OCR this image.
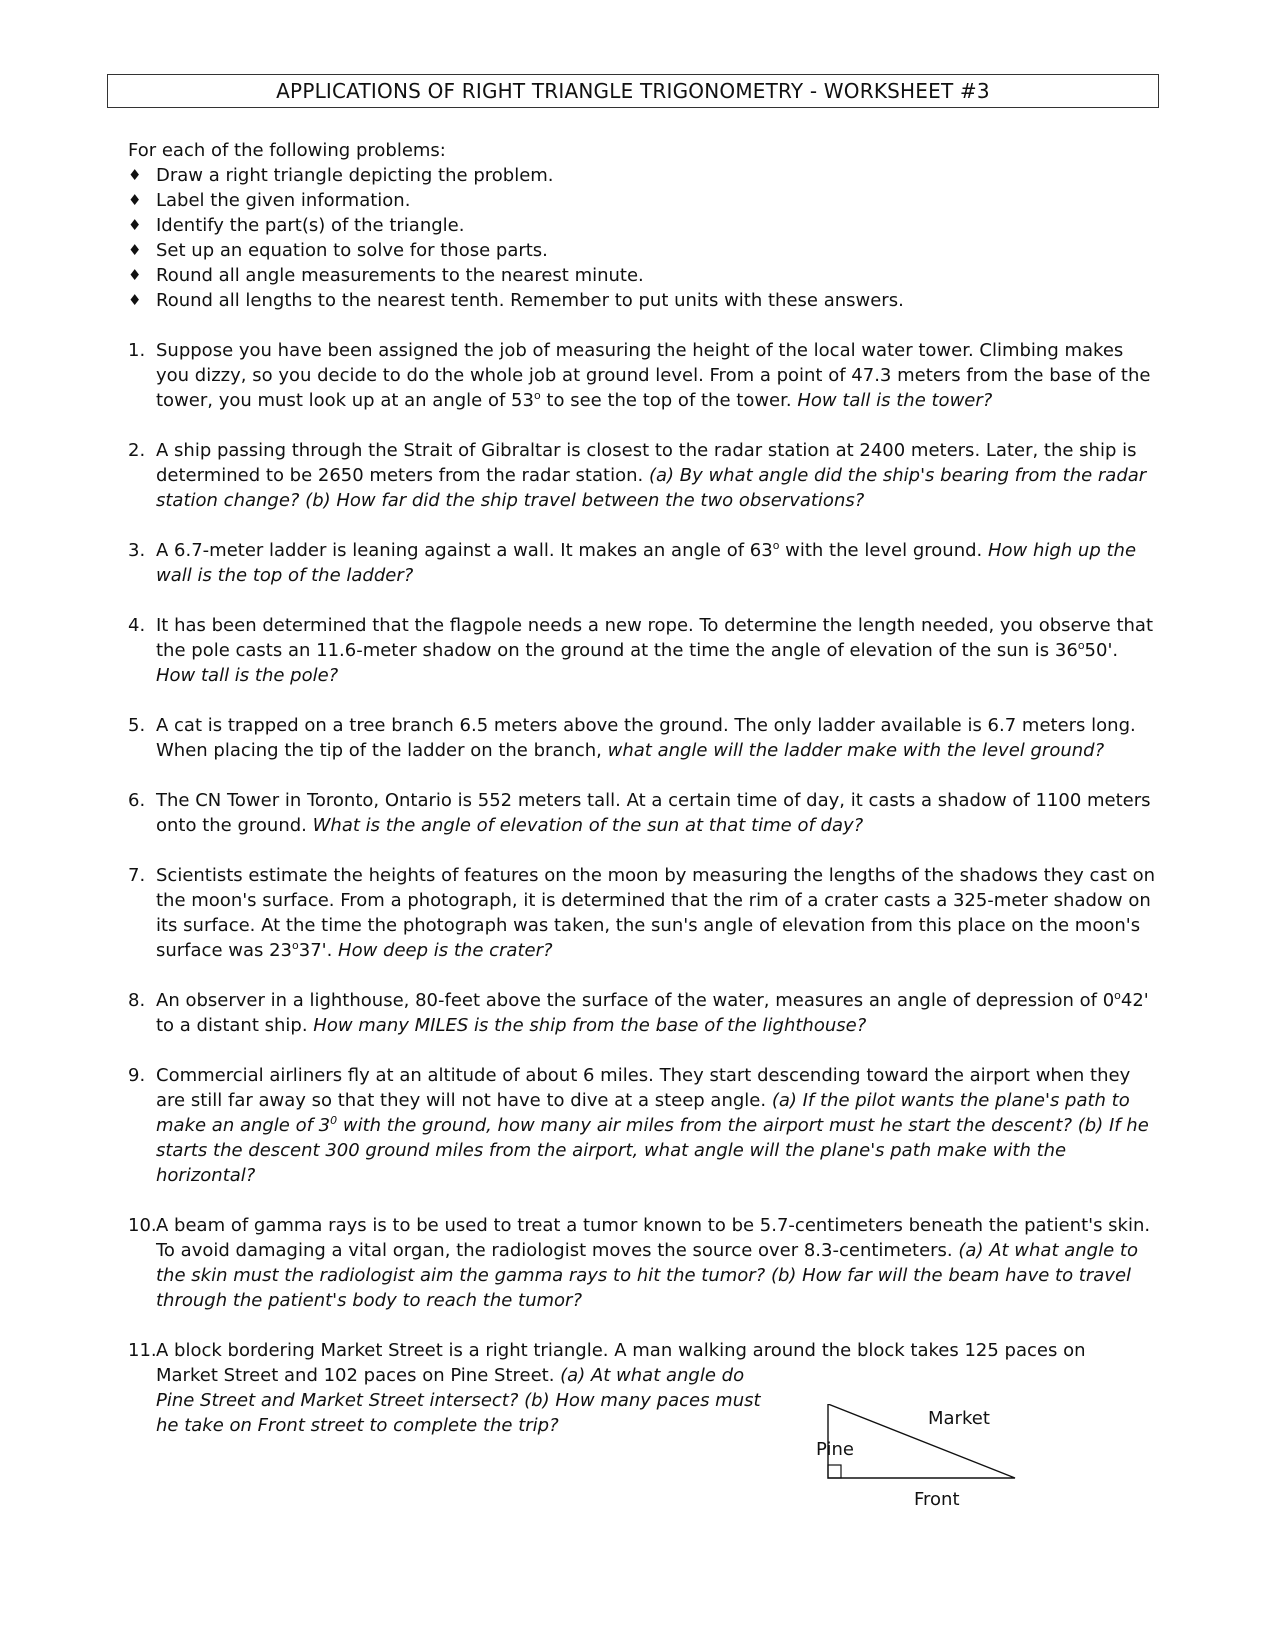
APPLICATIONS OF RIGHT TRIANGLE TRIGONOMETRY - WORKSHEET #3
For each of the following problems:
♦ Draw a right triangle depicting the problem.
♦ Label the given information.
♦ Identify the part(s) of the triangle.
♦ Set up an equation to solve for those parts.
♦ Round all angle measurements to the nearest minute.
♦ Round all lengths to the nearest tenth. Remember to put units with these answers.
1. Suppose you have been assigned the job of measuring the height of the local water tower. Climbing makes you dizzy, so you decide to do the whole job at ground level. From a point of 47.3 meters from the base of the tower, you must look up at an angle of 53$^o$ to see the top of the tower. How tall is the tower?
2. A ship passing through the Strait of Gibraltar is closest to the radar station at 2400 meters. Later, the ship is determined to be 2650 meters from the radar station. (a) By what angle did the ship's bearing from the radar station change? (b) How far did the ship travel between the two observations?
3. A 6.7-meter ladder is leaning against a wall. It makes an angle of 63$^o$ with the level ground. How high up the wall is the top of the ladder?
4. It has been determined that the flagpole needs a new rope. To determine the length needed, you observe that the pole casts an 11.6-meter shadow on the ground at the time the angle of elevation of the sun is 36$^o$50'. How tall is the pole?
5. A cat is trapped on a tree branch 6.5 meters above the ground. The only ladder available is 6.7 meters long. When placing the tip of the ladder on the branch, what angle will the ladder make with the level ground?
6. The CN Tower in Toronto, Ontario is 552 meters tall. At a certain time of day, it casts a shadow of 1100 meters onto the ground. What is the angle of elevation of the sun at that time of day?
7. Scientists estimate the heights of features on the moon by measuring the lengths of the shadows they cast on the moon's surface. From a photograph, it is determined that the rim of a crater casts a 325-meter shadow on its surface. At the time the photograph was taken, the sun's angle of elevation from this place on the moon's surface was 23$^o$37'. How deep is the crater?
8. An observer in a lighthouse, 80-feet above the surface of the water, measures an angle of depression of 0$^o$42' to a distant ship. How many MILES is the ship from the base of the lighthouse?
9. Commercial airliners fly at an altitude of about 6 miles. They start descending toward the airport when they are still far away so that they will not have to dive at a steep angle. (a) If the pilot wants the plane's path to make an angle of $3^0$ with the ground, how many air miles from the airport must he start the descent? (b) If he starts the descent 300 ground miles from the airport, what angle will the plane's path make with the horizontal?
10. A beam of gamma rays is to be used to treat a tumor known to be 5.7-centimeters beneath the patient's skin. To avoid damaging a vital organ, the radiologist moves the source over 8.3-centimeters. (a) At what angle to the skin must the radiologist aim the gamma rays to hit the tumor? (b) How far will the beam have to travel through the patient's body to reach the tumor?
11. A block bordering Market Street is a right triangle. A man walking around the block takes 125 paces on
Market Street and 102 paces on Pine Street. (a) At what angle do Pine Street and Market Street intersect? (b) How many paces must he take on Front street to complete the trip?
Pine
Market
Front
